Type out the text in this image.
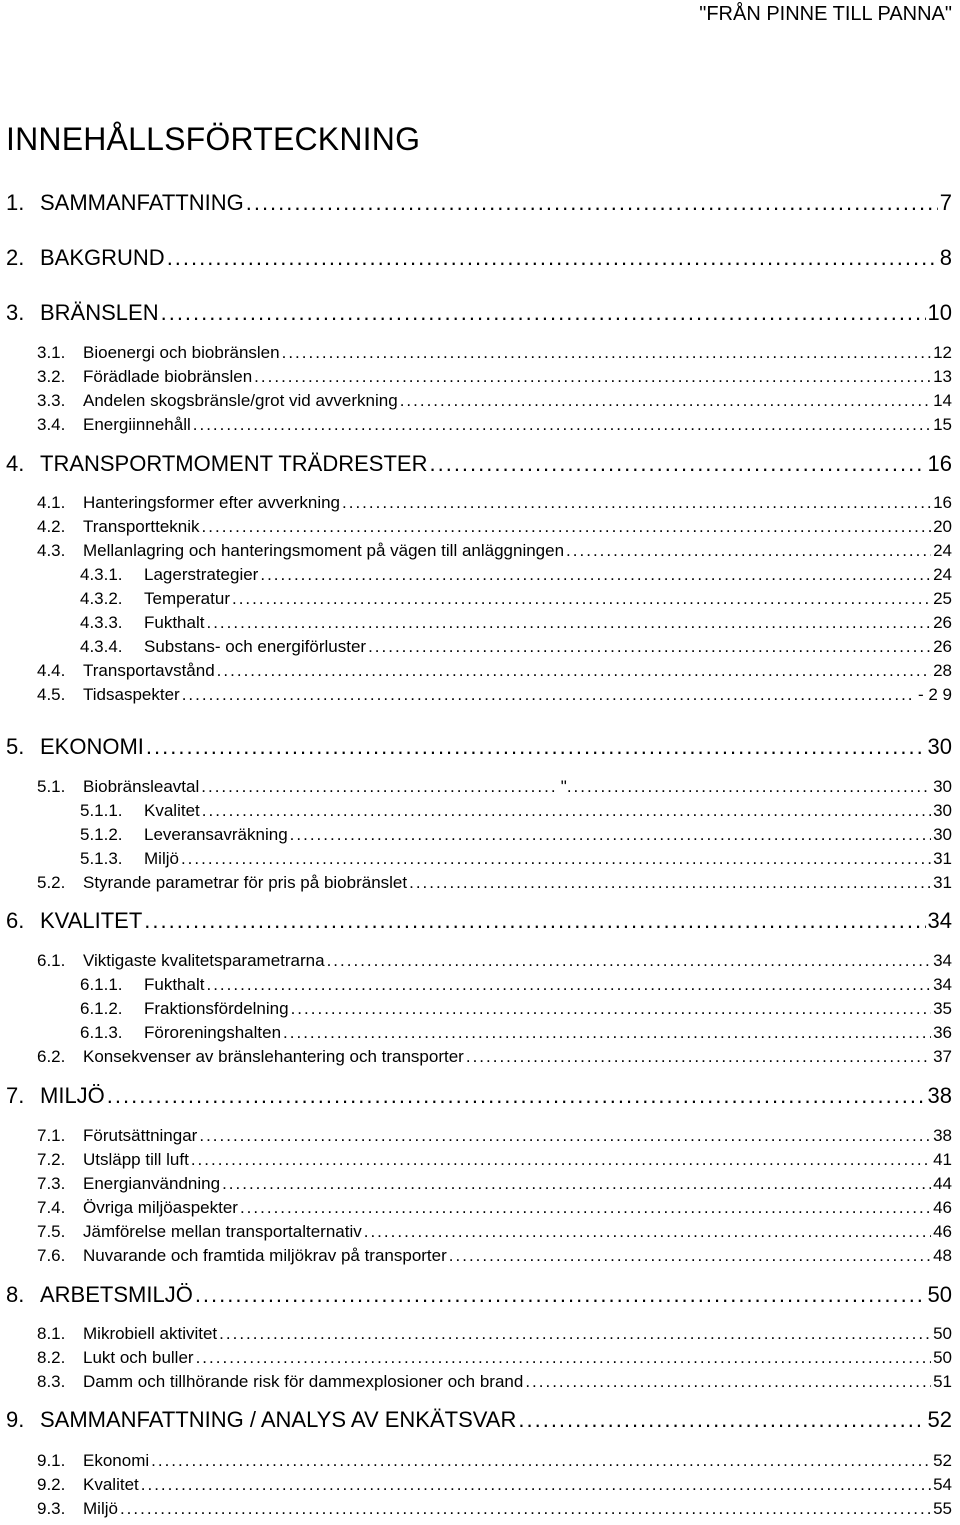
"FRÅN PINNE TILL PANNA"
INNEHÅLLSFÖRTECKNING
1. SAMMANFATTNING .....	7
2. BAKGRUND .....	8
3. BRÄNSLEN .....	10
3.1.	Bioenergi och biobränslen .....	12
3.2.	Förädlade biobränslen .....	13
3.3.	Andelen skogsbränsle/grot vid avverkning .....	14
3.4.	Energiinnehåll .....	15
4. TRANSPORTMOMENT TRÄDRESTER .....	16
4.1.	Hanteringsformer efter avverkning .....	16
4.2.	Transportteknik .....	20
4.3.	Mellanlagring och hanteringsmoment på vägen till anläggningen .....	24
4.3.1.	Lagerstrategier .....	24
4.3.2.	Temperatur .....	25
4.3.3.	Fukthalt .....	26
4.3.4.	Substans- och energiförluster .....	26
4.4.	Transportavstånd .....	28
4.5.	Tidsaspekter .....	- 2 9
5. EKONOMI .....	30
5.1.	Biobränsleavtal .....	". .....	30
5.1.1.	Kvalitet .....	30
5.1.2.	Leveransavräkning .....	30
5.1.3.	Miljö .....	31
5.2.	Styrande parametrar för pris på biobränslet .....	31
6. KVALITET .....	34
6.1.	Viktigaste kvalitetsparametrarna .....	34
6.1.1.	Fukthalt .....	34
6.1.2.	Fraktionsfördelning .....	35
6.1.3.	Föroreningshalten .....	36
6.2.	Konsekvenser av bränslehantering och transporter .....	37
7. MILJÖ .....	38
7.1.	Förutsättningar .....	38
7.2.	Utsläpp till luft .....	41
7.3.	Energianvändning .....	44
7.4.	Övriga miljöaspekter .....	46
7.5.	Jämförelse mellan transportalternativ .....	46
7.6.	Nuvarande och framtida miljökrav på transporter .....	48
8. ARBETSMILJÖ .....	50
8.1.	Mikrobiell aktivitet .....	50
8.2.	Lukt och buller .....	50
8.3.	Damm och tillhörande risk för dammexplosioner och brand .....	51
9. SAMMANFATTNING / ANALYS AV ENKÄTSVAR .....	52
9.1.	Ekonomi .....	52
9.2.	Kvalitet .....	54
9.3.	Miljö .....	55
